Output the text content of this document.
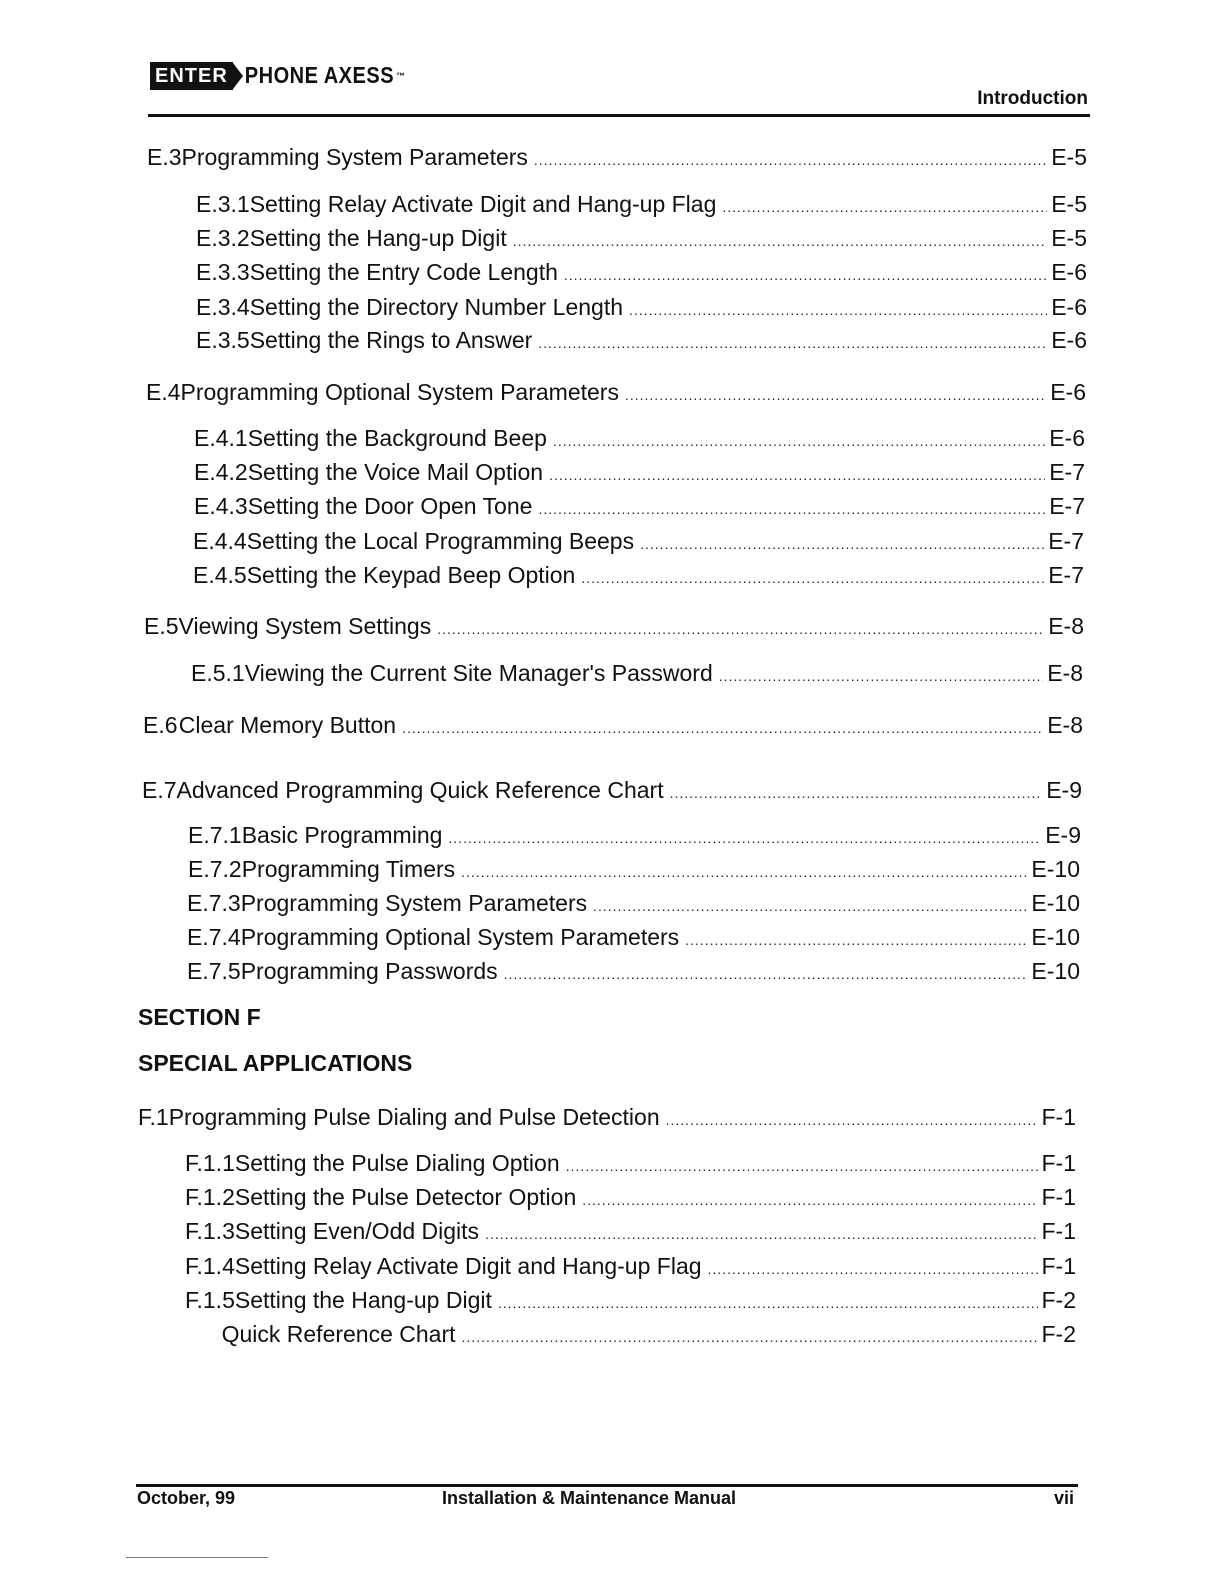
ENTER PHONE AXESS ™
Introduction
E.3 Programming System Parameters .....	E-5
E.3.1 Setting Relay Activate Digit and Hang-up Flag .....	E-5
E.3.2 Setting the Hang-up Digit .....	E-5
E.3.3 Setting the Entry Code Length .....	E-6
E.3.4 Setting the Directory Number Length .....	E-6
E.3.5 Setting the Rings to Answer .....	E-6
E.4 Programming Optional System Parameters .....	E-6
E.4.1 Setting the Background Beep .....	E-6
E.4.2 Setting the Voice Mail Option .....	E-7
E.4.3 Setting the Door Open Tone .....	E-7
E.4.4 Setting the Local Programming Beeps .....	E-7
E.4.5 Setting the Keypad Beep Option .....	E-7
E.5 Viewing System Settings .....	E-8
E.5.1 Viewing the Current Site Manager's Password .....	E-8
E.6 Clear Memory Button .....	E-8
E.7 Advanced Programming Quick Reference Chart .....	E-9
E.7.1 Basic Programming .....	E-9
E.7.2 Programming Timers .....	E-10
E.7.3 Programming System Parameters .....	E-10
E.7.4 Programming Optional System Parameters .....	E-10
E.7.5 Programming Passwords .....	E-10
SECTION F
SPECIAL APPLICATIONS
F.1 Programming Pulse Dialing and Pulse Detection .....	F-1
F.1.1 Setting the Pulse Dialing Option .....	F-1
F.1.2 Setting the Pulse Detector Option .....	F-1
F.1.3 Setting Even/Odd Digits .....	F-1
F.1.4 Setting Relay Activate Digit and Hang-up Flag .....	F-1
F.1.5 Setting the Hang-up Digit .....	F-2
Quick Reference Chart .....	F-2
October, 99	Installation & Maintenance Manual	vii
